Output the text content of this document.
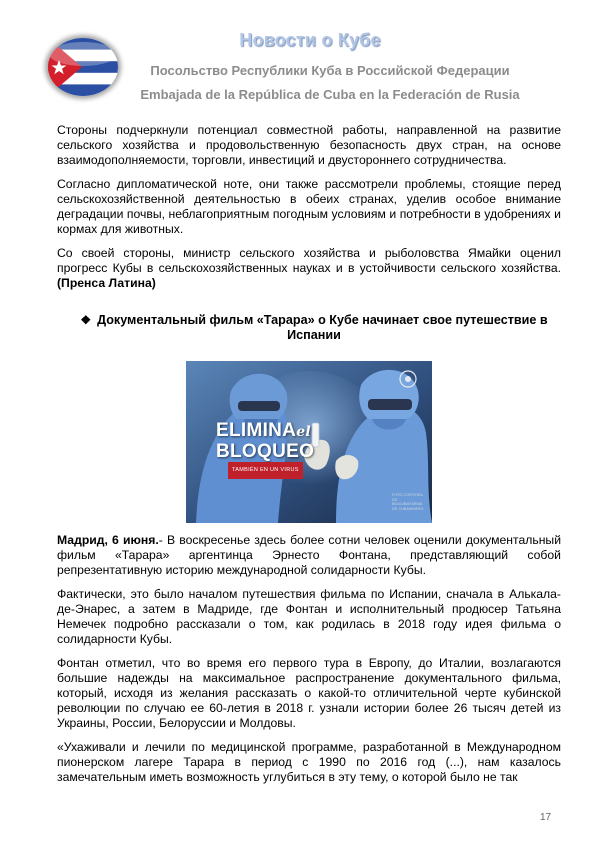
Новости о Кубе
Посольство Республики Куба в Российской Федерации
Embajada de la República de Cuba en la Federación de Rusia

Стороны подчеркнули потенциал совместной работы, направленной на развитие сельского хозяйства и продовольственную безопасность двух стран, на основе взаимодополняемости, торговли, инвестиций и двустороннего сотрудничества.

Согласно дипломатической ноте, они также рассмотрели проблемы, стоящие перед сельскохозяйственной деятельностью в обеих странах, уделив особое внимание деградации почвы, неблагоприятным погодным условиям и потребности в удобрениях и кормах для животных.

Со своей стороны, министр сельского хозяйства и рыболовства Ямайки оценил прогресс Кубы в сельскохозяйственных науках и в устойчивости сельского хозяйства. (Пренса Латина)

❖ Документальный фильм «Тарара» о Кубе начинает свое путешествие в Испании
ELIMINAel
BLOQUEO
TAMBIÉN EN UN VIRUS
FOTO CORTESÍA DE BIOCUBAFARMA DE CUBAMINREX

Мадрид, 6 июня.- В воскресенье здесь более сотни человек оценили документальный фильм «Тарара» аргентинца Эрнесто Фонтана, представляющий собой репрезентативную историю международной солидарности Кубы.

Фактически, это было началом путешествия фильма по Испании, сначала в Алькала-де-Энарес, а затем в Мадриде, где Фонтан и исполнительный продюсер Татьяна Немечек подробно рассказали о том, как родилась в 2018 году идея фильма о солидарности Кубы.

Фонтан отметил, что во время его первого тура в Европу, до Италии, возлагаются большие надежды на максимальное распространение документального фильма, который, исходя из желания рассказать о какой-то отличительной черте кубинской революции по случаю ее 60-летия в 2018 г. узнали истории более 26 тысяч детей из Украины, России, Белоруссии и Молдовы.

«Ухаживали и лечили по медицинской программе, разработанной в Международном пионерском лагере Тарара в период с 1990 по 2016 год (...), нам казалось замечательным иметь возможность углубиться в эту тему, о которой было не так

17
